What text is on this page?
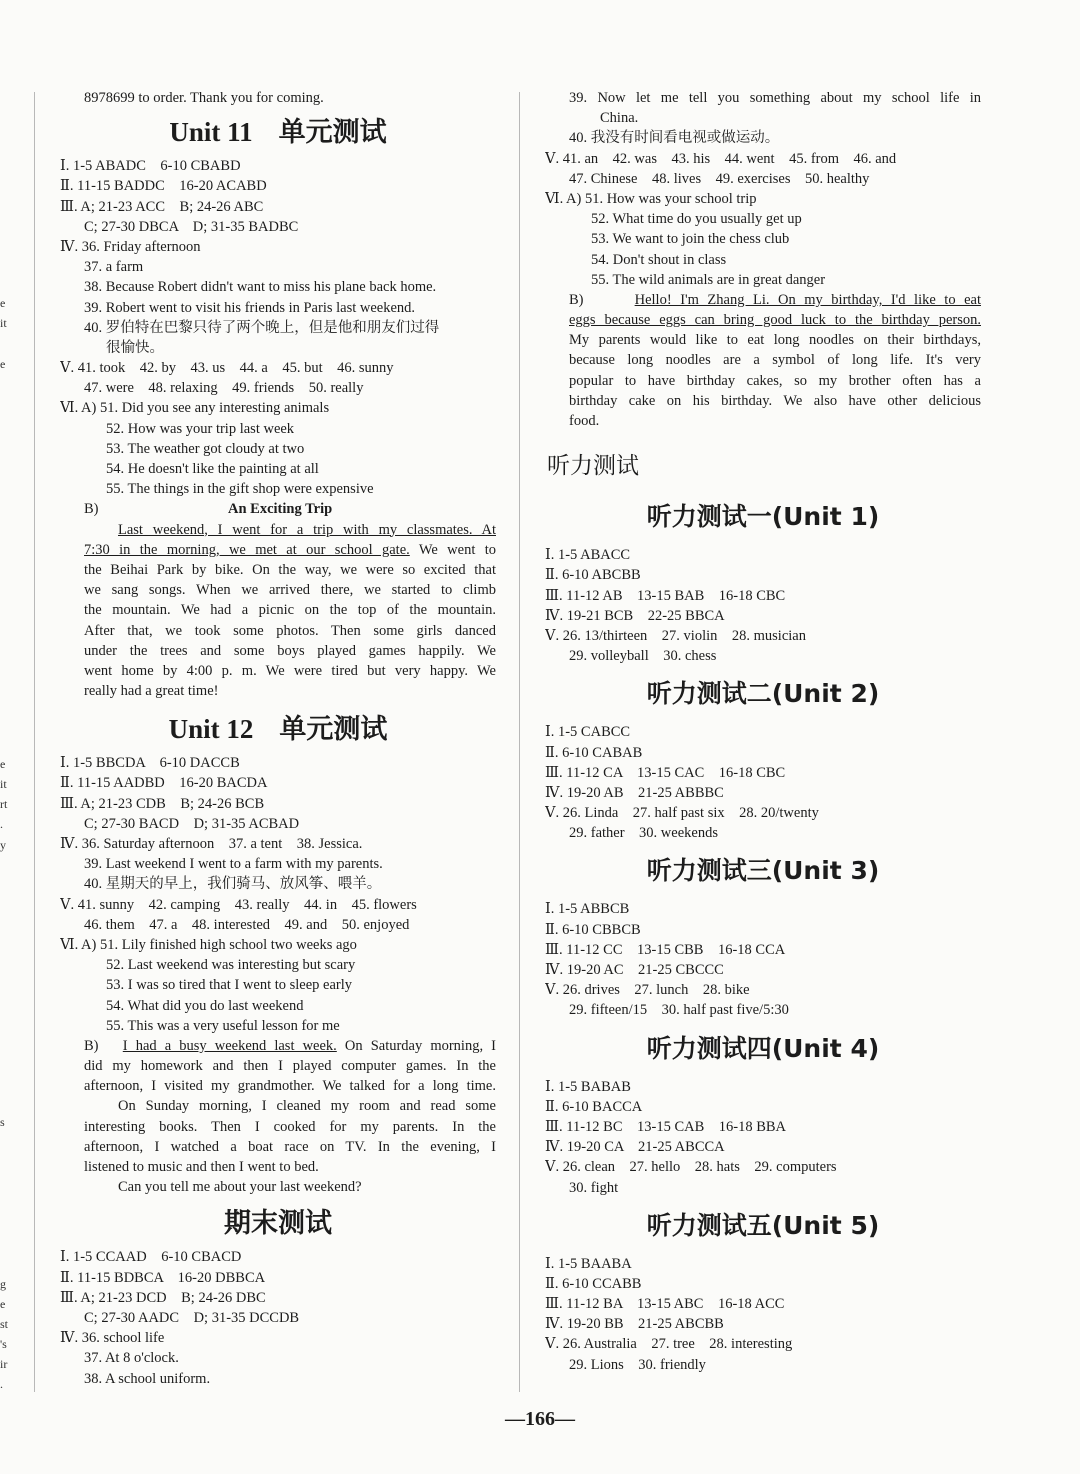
e
it
e
e
it
rt
.
y
s
g
e
st
's
ir
.
8978699 to order. Thank you for coming.
Unit 11 单元测试
Ⅰ. 1-5 ABADC　6-10 CBABD
Ⅱ. 11-15 BADDC　16-20 ACABD
Ⅲ. A; 21-23 ACC　B; 24-26 ABC
C; 27-30 DBCA　D; 31-35 BADBC
Ⅳ. 36. Friday afternoon
37. a farm
38. Because Robert didn't want to miss his plane back home.
39. Robert went to visit his friends in Paris last weekend.
40. 罗伯特在巴黎只待了两个晚上，但是他和朋友们过得
很愉快。
Ⅴ. 41. took　42. by　43. us　44. a　45. but　46. sunny
47. were　48. relaxing　49. friends　50. really
Ⅵ. A) 51. Did you see any interesting animals
52. How was your trip last week
53. The weather got cloudy at two
54. He doesn't like the painting at all
55. The things in the gift shop were expensive
B)	An Exciting Trip
Last weekend, I went for a trip with my classmates. At
7:30 in the morning, we met at our school gate. We went to
the Beihai Park by bike. On the way, we were so excited that
we sang songs. When we arrived there, we started to climb
the mountain. We had a picnic on the top of the mountain.
After that, we took some photos. Then some girls danced
under the trees and some boys played games happily. We
went home by 4:00 p. m. We were tired but very happy. We
really had a great time!
Unit 12 单元测试
Ⅰ. 1-5 BBCDA　6-10 DACCB
Ⅱ. 11-15 AADBD　16-20 BACDA
Ⅲ. A; 21-23 CDB　B; 24-26 BCB
C; 27-30 BACD　D; 31-35 ACBAD
Ⅳ. 36. Saturday afternoon　37. a tent　38. Jessica.
39. Last weekend I went to a farm with my parents.
40. 星期天的早上，我们骑马、放风筝、喂羊。
Ⅴ. 41. sunny　42. camping　43. really　44. in　45. flowers
46. them　47. a　48. interested　49. and　50. enjoyed
Ⅵ. A) 51. Lily finished high school two weeks ago
52. Last weekend was interesting but scary
53. I was so tired that I went to sleep early
54. What did you do last weekend
55. This was a very useful lesson for me
B) I had a busy weekend last week. On Saturday morning, I
did my homework and then I played computer games. In the
afternoon, I visited my grandmother. We talked for a long time.
On Sunday morning, I cleaned my room and read some
interesting books. Then I cooked for my parents. In the
afternoon, I watched a boat race on TV. In the evening, I
listened to music and then I went to bed.
Can you tell me about your last weekend?
期末测试
Ⅰ. 1-5 CCAAD　6-10 CBACD
Ⅱ. 11-15 BDBCA　16-20 DBBCA
Ⅲ. A; 21-23 DCD　B; 24-26 DBC
C; 27-30 AADC　D; 31-35 DCCDB
Ⅳ. 36. school life
37. At 8 o'clock.
38. A school uniform.
39. Now let me tell you something about my school life in
China.
40. 我没有时间看电视或做运动。
Ⅴ. 41. an　42. was　43. his　44. went　45. from　46. and
47. Chinese　48. lives　49. exercises　50. healthy
Ⅵ. A) 51. How was your school trip
52. What time do you usually get up
53. We want to join the chess club
54. Don't shout in class
55. The wild animals are in great danger
B)	Hello! I'm Zhang Li. On my birthday, I'd like to eat
eggs because eggs can bring good luck to the birthday person.
My parents would like to eat long noodles on their birthdays,
because long noodles are a symbol of long life. It's very
popular to have birthday cakes, so my brother often has a
birthday cake on his birthday. We also have other delicious
food.
听力测试
听力测试一(Unit 1)
Ⅰ. 1-5 ABACC
Ⅱ. 6-10 ABCBB
Ⅲ. 11-12 AB　13-15 BAB　16-18 CBC
Ⅳ. 19-21 BCB　22-25 BBCA
Ⅴ. 26. 13/thirteen　27. violin　28. musician
29. volleyball　30. chess
听力测试二(Unit 2)
Ⅰ. 1-5 CABCC
Ⅱ. 6-10 CABAB
Ⅲ. 11-12 CA　13-15 CAC　16-18 CBC
Ⅳ. 19-20 AB　21-25 ABBBC
Ⅴ. 26. Linda　27. half past six　28. 20/twenty
29. father　30. weekends
听力测试三(Unit 3)
Ⅰ. 1-5 ABBCB
Ⅱ. 6-10 CBBCB
Ⅲ. 11-12 CC　13-15 CBB　16-18 CCA
Ⅳ. 19-20 AC　21-25 CBCCC
Ⅴ. 26. drives　27. lunch　28. bike
29. fifteen/15　30. half past five/5:30
听力测试四(Unit 4)
Ⅰ. 1-5 BABAB
Ⅱ. 6-10 BACCA
Ⅲ. 11-12 BC　13-15 CAB　16-18 BBA
Ⅳ. 19-20 CA　21-25 ABCCA
Ⅴ. 26. clean　27. hello　28. hats　29. computers
30. fight
听力测试五(Unit 5)
Ⅰ. 1-5 BAABA
Ⅱ. 6-10 CCABB
Ⅲ. 11-12 BA　13-15 ABC　16-18 ACC
Ⅳ. 19-20 BB　21-25 ABCBB
Ⅴ. 26. Australia　27. tree　28. interesting
29. Lions　30. friendly
—166—
